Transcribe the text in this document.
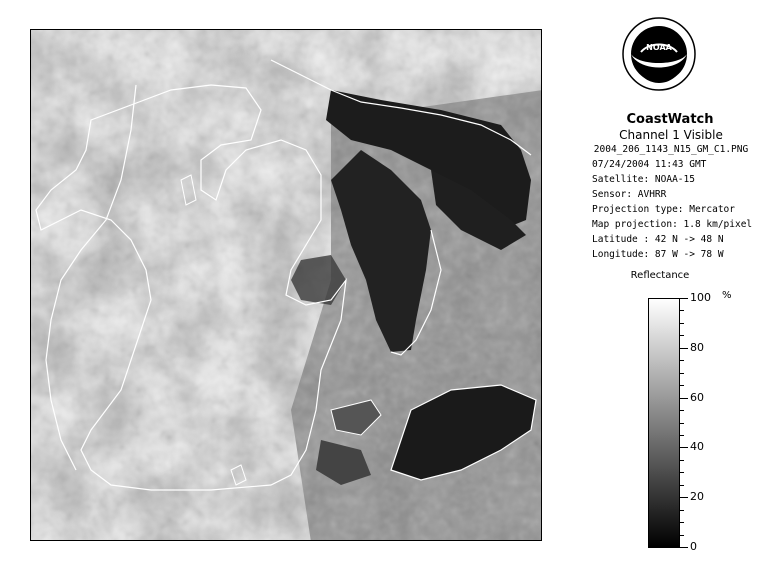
NOAA
CoastWatch
Channel 1 Visible
2004_206_1143_N15_GM_C1.PNG
07/24/2004 11:43 GMT
Satellite: NOAA-15
Sensor: AVHRR
Projection type: Mercator
Map projection: 1.8 km/pixel
Latitude : 42 N -> 48 N
Longitude: 87 W -> 78 W
Reflectance
%
100
80
60
40
20
0
